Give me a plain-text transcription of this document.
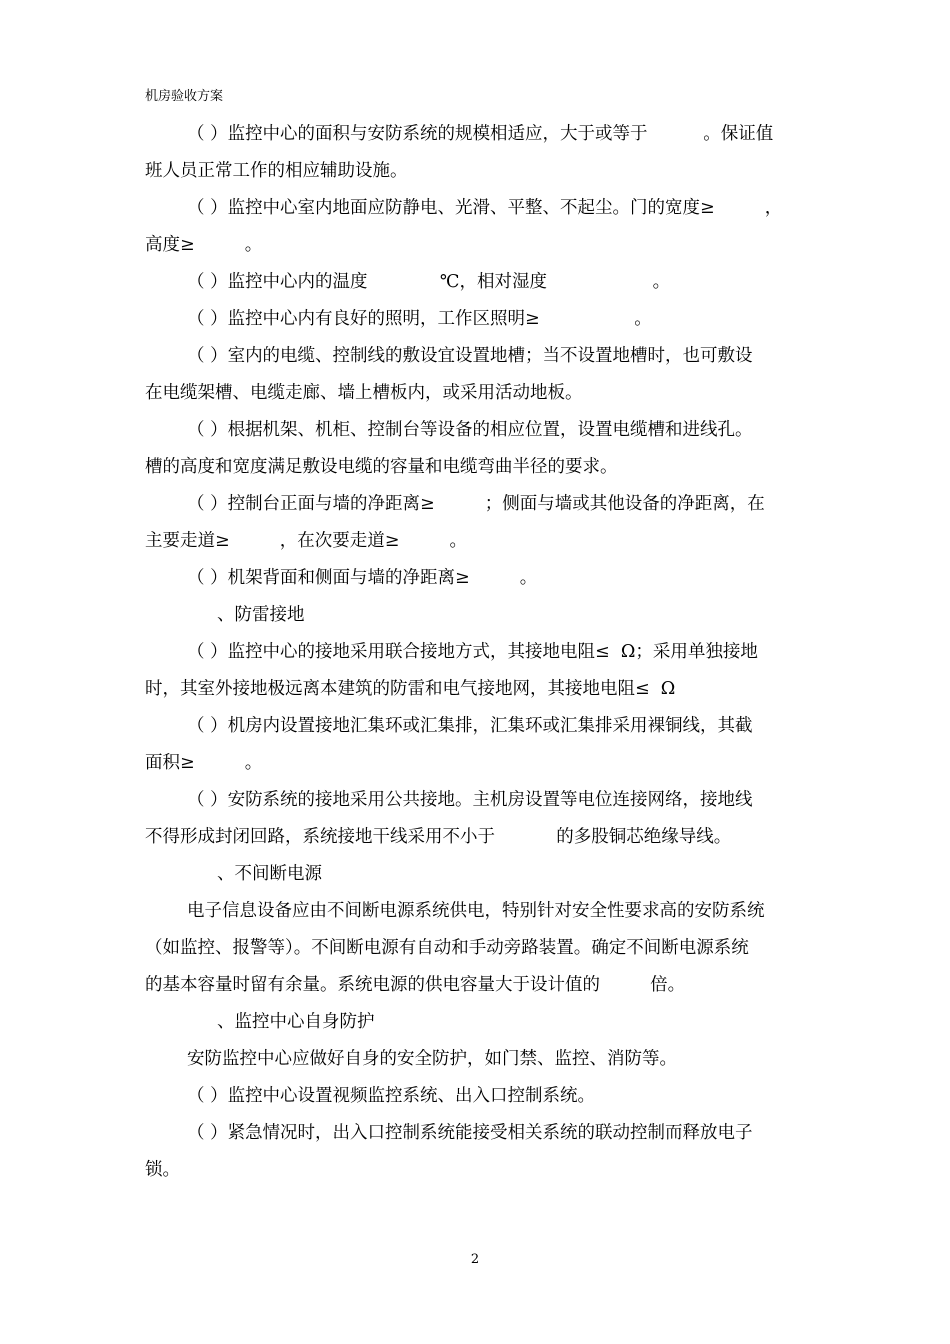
机房验收方案
（ ）监控中心的面积与安防系统的规模相适应，大于或等于          。保证值
班人员正常工作的相应辅助设施。
（ ）监控中心室内地面应防静电、光滑、平整、不起尘。门的宽度≥         ，
高度≥         。
（ ）监控中心内的温度             ℃，相对湿度                   。
（ ）监控中心内有良好的照明，工作区照明≥                 。
（ ）室内的电缆、控制线的敷设宜设置地槽；当不设置地槽时，也可敷设
在电缆架槽、电缆走廊、墙上槽板内，或采用活动地板。
（ ）根据机架、机柜、控制台等设备的相应位置，设置电缆槽和进线孔。
槽的高度和宽度满足敷设电缆的容量和电缆弯曲半径的要求。
（ ）控制台正面与墙的净距离≥         ；侧面与墙或其他设备的净距离，在
主要走道≥         ，在次要走道≥         。
（ ）机架背面和侧面与墙的净距离≥         。
、防雷接地
（ ）监控中心的接地采用联合接地方式，其接地电阻≤  Ω；采用单独接地
时，其室外接地极远离本建筑的防雷和电气接地网，其接地电阻≤  Ω
（ ）机房内设置接地汇集环或汇集排，汇集环或汇集排采用裸铜线，其截
面积≥         。
（ ）安防系统的接地采用公共接地。主机房设置等电位连接网络，接地线
不得形成封闭回路，系统接地干线采用不小于           的多股铜芯绝缘导线。
、不间断电源
电子信息设备应由不间断电源系统供电，特别针对安全性要求高的安防系统
（如监控、报警等）。不间断电源有自动和手动旁路装置。确定不间断电源系统
的基本容量时留有余量。系统电源的供电容量大于设计值的         倍。
、监控中心自身防护
安防监控中心应做好自身的安全防护，如门禁、监控、消防等。
（ ）监控中心设置视频监控系统、出入口控制系统。
（ ）紧急情况时，出入口控制系统能接受相关系统的联动控制而释放电子
锁。
2
